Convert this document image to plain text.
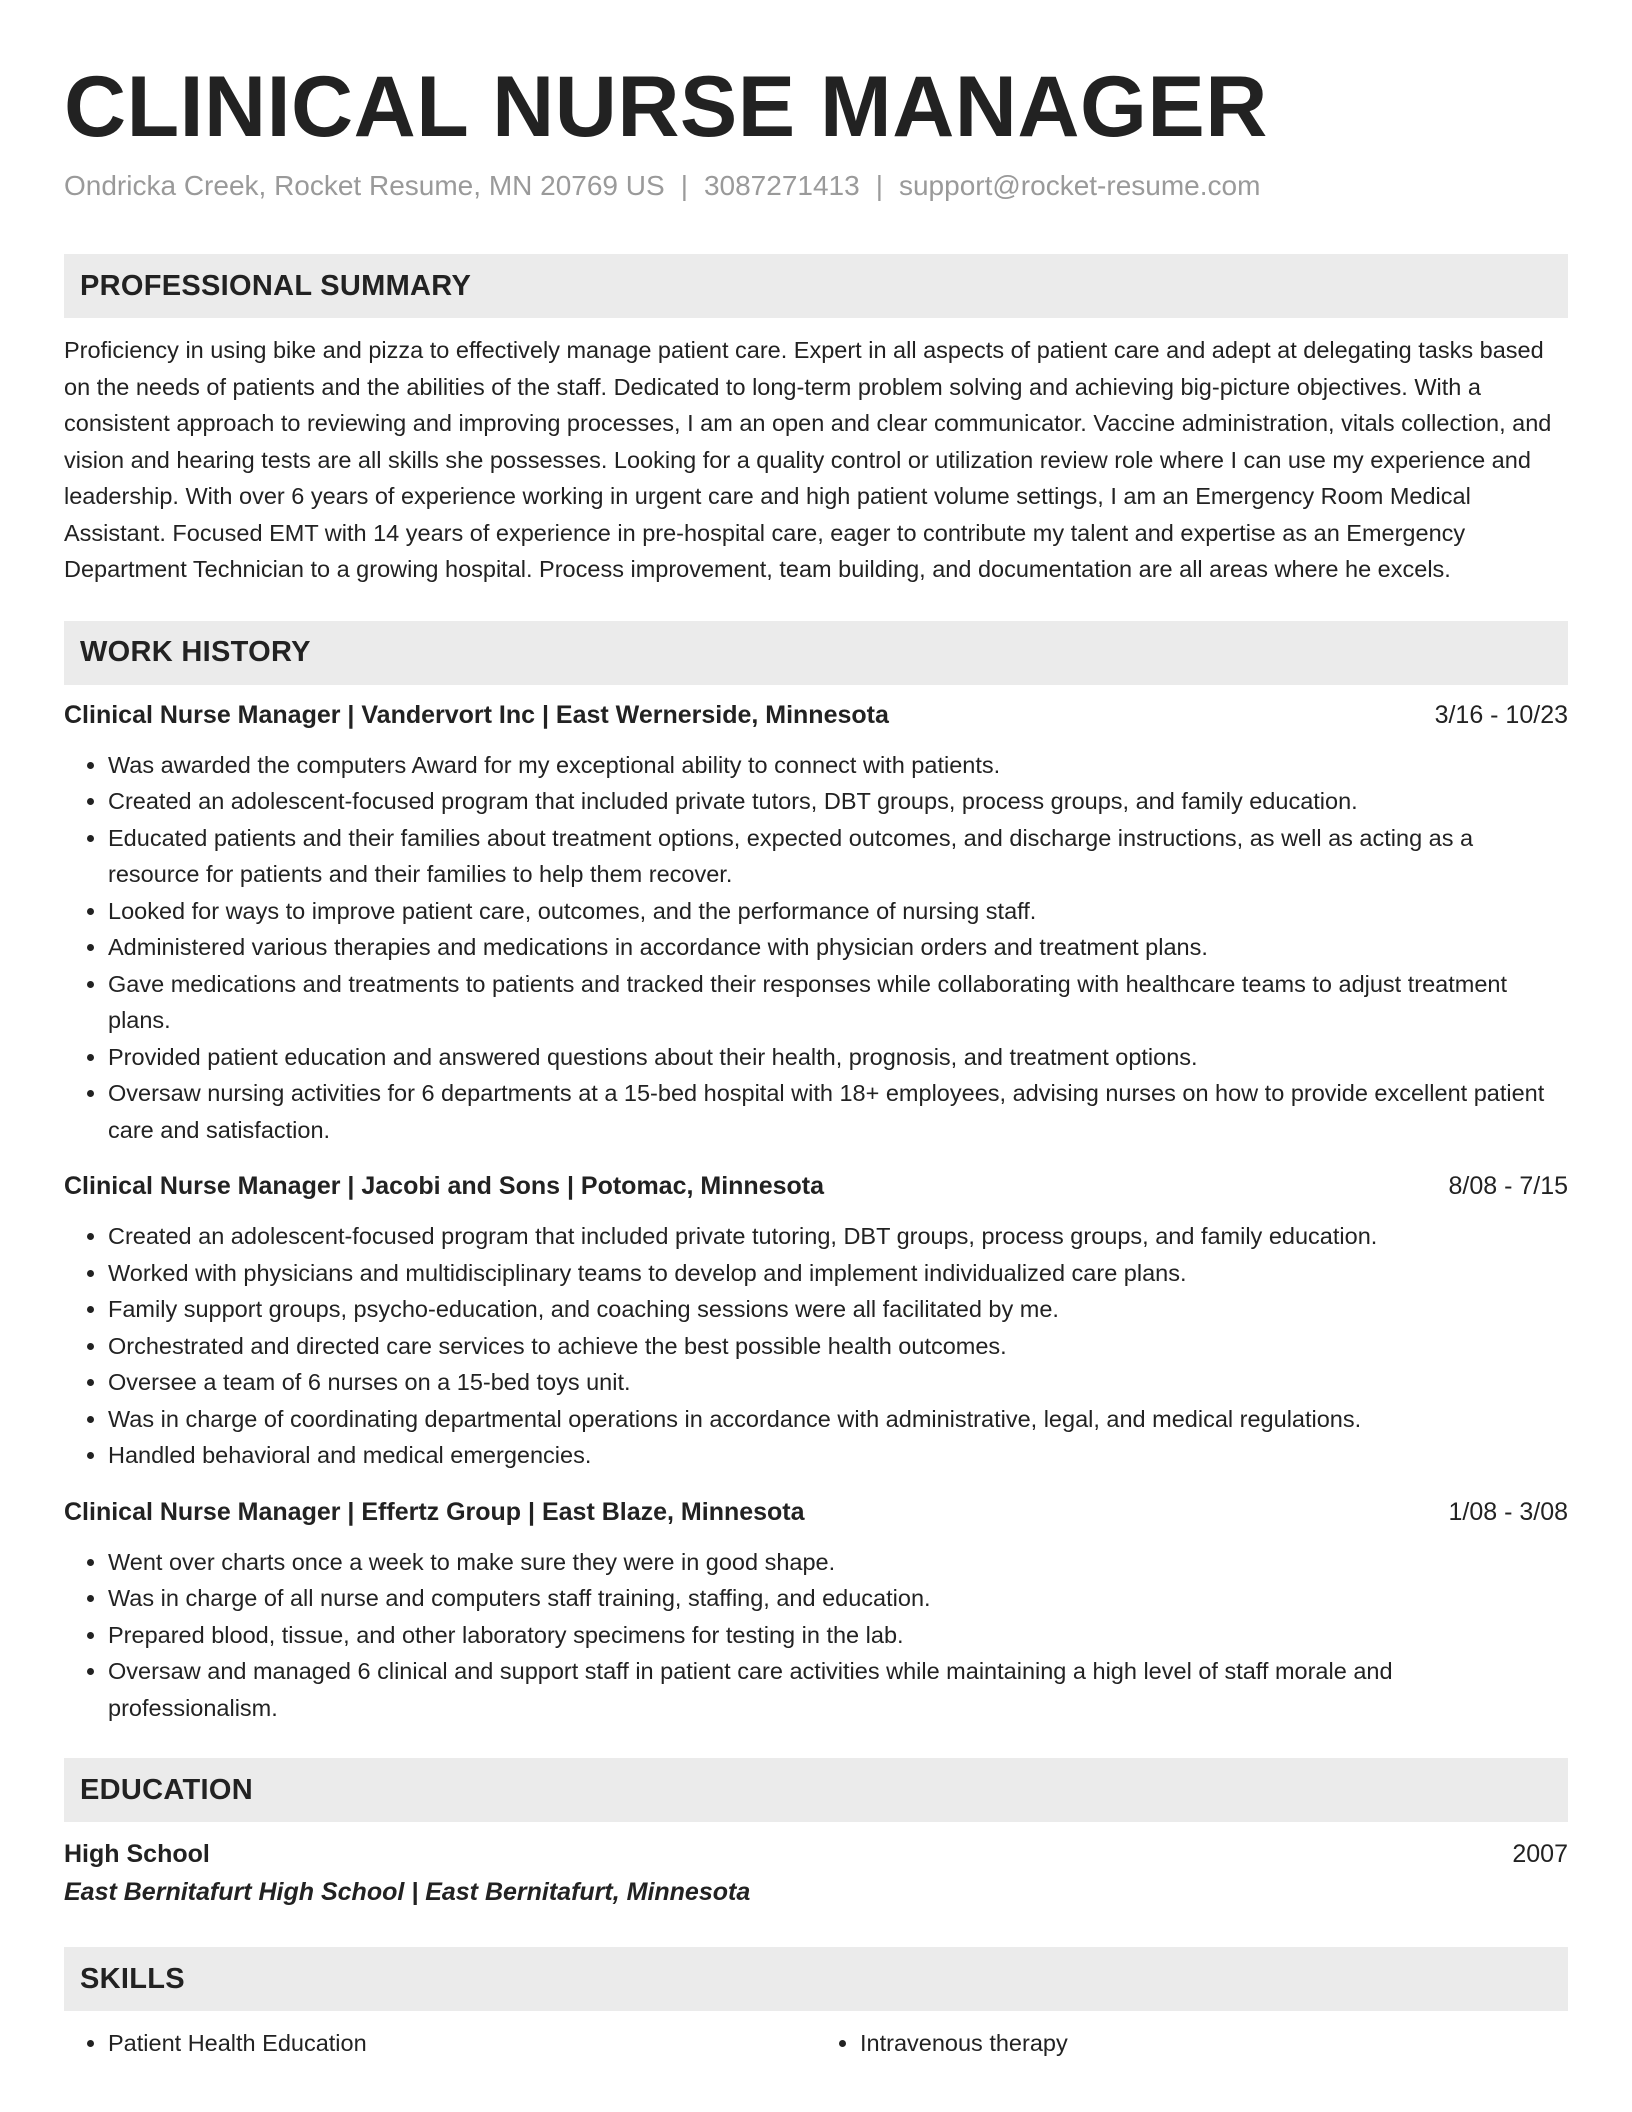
CLINICAL NURSE MANAGER
Ondricka Creek, Rocket Resume, MN 20769 US | 3087271413 | support@rocket-resume.com
PROFESSIONAL SUMMARY

Proficiency in using bike and pizza to effectively manage patient care. Expert in all aspects of patient care and adept at delegating tasks based on the needs of patients and the abilities of the staff. Dedicated to long-term problem solving and achieving big-picture objectives. With a consistent approach to reviewing and improving processes, I am an open and clear communicator. Vaccine administration, vitals collection, and vision and hearing tests are all skills she possesses. Looking for a quality control or utilization review role where I can use my experience and leadership. With over 6 years of experience working in urgent care and high patient volume settings, I am an Emergency Room Medical Assistant. Focused EMT with 14 years of experience in pre-hospital care, eager to contribute my talent and expertise as an Emergency Department Technician to a growing hospital. Process improvement, team building, and documentation are all areas where he excels.

WORK HISTORY
Clinical Nurse Manager | Vandervort Inc | East Wernerside, Minnesota	3/16 - 10/23
• Was awarded the computers Award for my exceptional ability to connect with patients.
• Created an adolescent-focused program that included private tutors, DBT groups, process groups, and family education.
• Educated patients and their families about treatment options, expected outcomes, and discharge instructions, as well as acting as a resource for patients and their families to help them recover.
• Looked for ways to improve patient care, outcomes, and the performance of nursing staff.
• Administered various therapies and medications in accordance with physician orders and treatment plans.
• Gave medications and treatments to patients and tracked their responses while collaborating with healthcare teams to adjust treatment plans.
• Provided patient education and answered questions about their health, prognosis, and treatment options.
• Oversaw nursing activities for 6 departments at a 15-bed hospital with 18+ employees, advising nurses on how to provide excellent patient care and satisfaction.
Clinical Nurse Manager | Jacobi and Sons | Potomac, Minnesota	8/08 - 7/15
• Created an adolescent-focused program that included private tutoring, DBT groups, process groups, and family education.
• Worked with physicians and multidisciplinary teams to develop and implement individualized care plans.
• Family support groups, psycho-education, and coaching sessions were all facilitated by me.
• Orchestrated and directed care services to achieve the best possible health outcomes.
• Oversee a team of 6 nurses on a 15-bed toys unit.
• Was in charge of coordinating departmental operations in accordance with administrative, legal, and medical regulations.
• Handled behavioral and medical emergencies.
Clinical Nurse Manager | Effertz Group | East Blaze, Minnesota	1/08 - 3/08
• Went over charts once a week to make sure they were in good shape.
• Was in charge of all nurse and computers staff training, staffing, and education.
• Prepared blood, tissue, and other laboratory specimens for testing in the lab.
• Oversaw and managed 6 clinical and support staff in patient care activities while maintaining a high level of staff morale and professionalism.
EDUCATION
High School	2007
East Bernitafurt High School | East Bernitafurt, Minnesota
SKILLS
• Patient Health Education
•	Intravenous therapy
